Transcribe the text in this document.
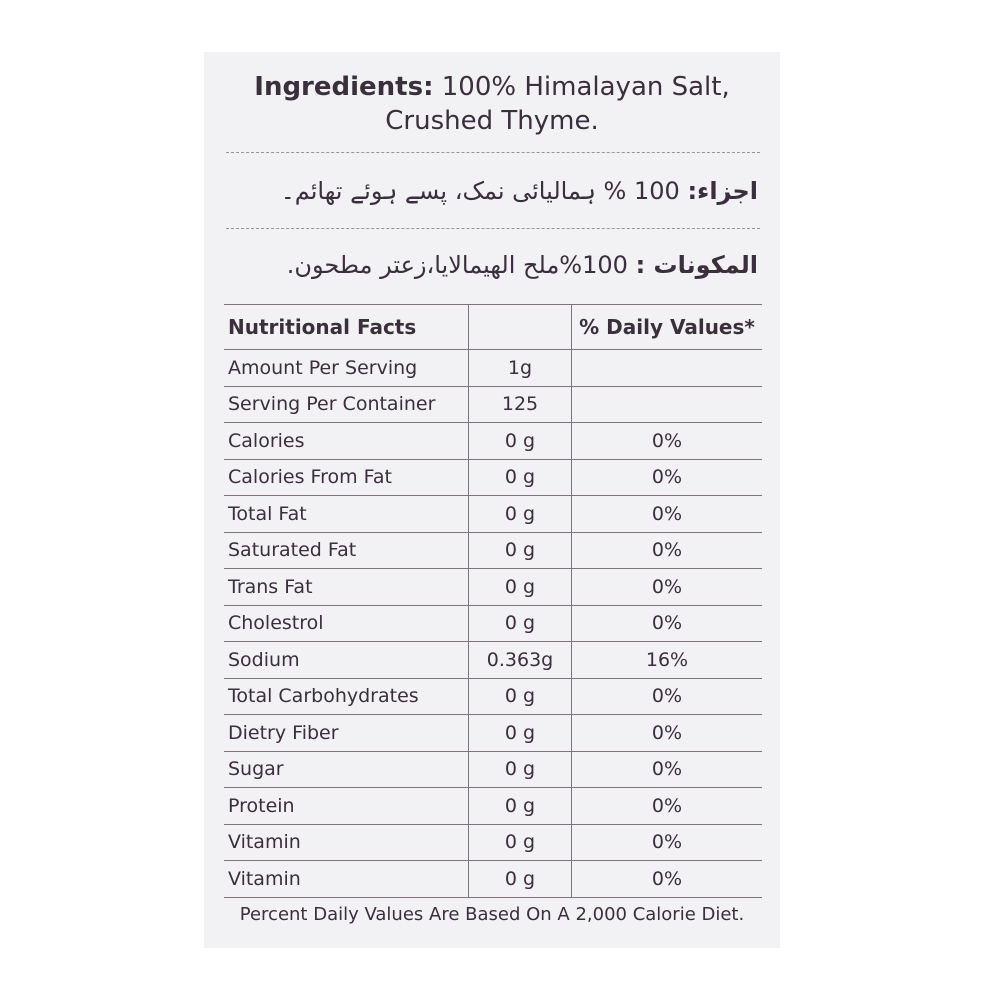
Ingredients: 100% Himalayan Salt,
Crushed Thyme.
اجزاء: 100 % ہمالیائی نمک، پسے ہوئے تھائم۔
المكونات : 100%ملح الهيمالايا،زعتر مطحون.
Nutritional Facts		% Daily Values*
Amount Per Serving	1g	
Serving Per Container	125	
Calories	0 g	0%
Calories From Fat	0 g	0%
Total Fat	0 g	0%
Saturated Fat	0 g	0%
Trans Fat	0 g	0%
Cholestrol	0 g	0%
Sodium	0.363g	16%
Total Carbohydrates	0 g	0%
Dietry Fiber	0 g	0%
Sugar	0 g	0%
Protein	0 g	0%
Vitamin	0 g	0%
Vitamin	0 g	0%
Percent Daily Values Are Based On A 2,000 Calorie Diet.
